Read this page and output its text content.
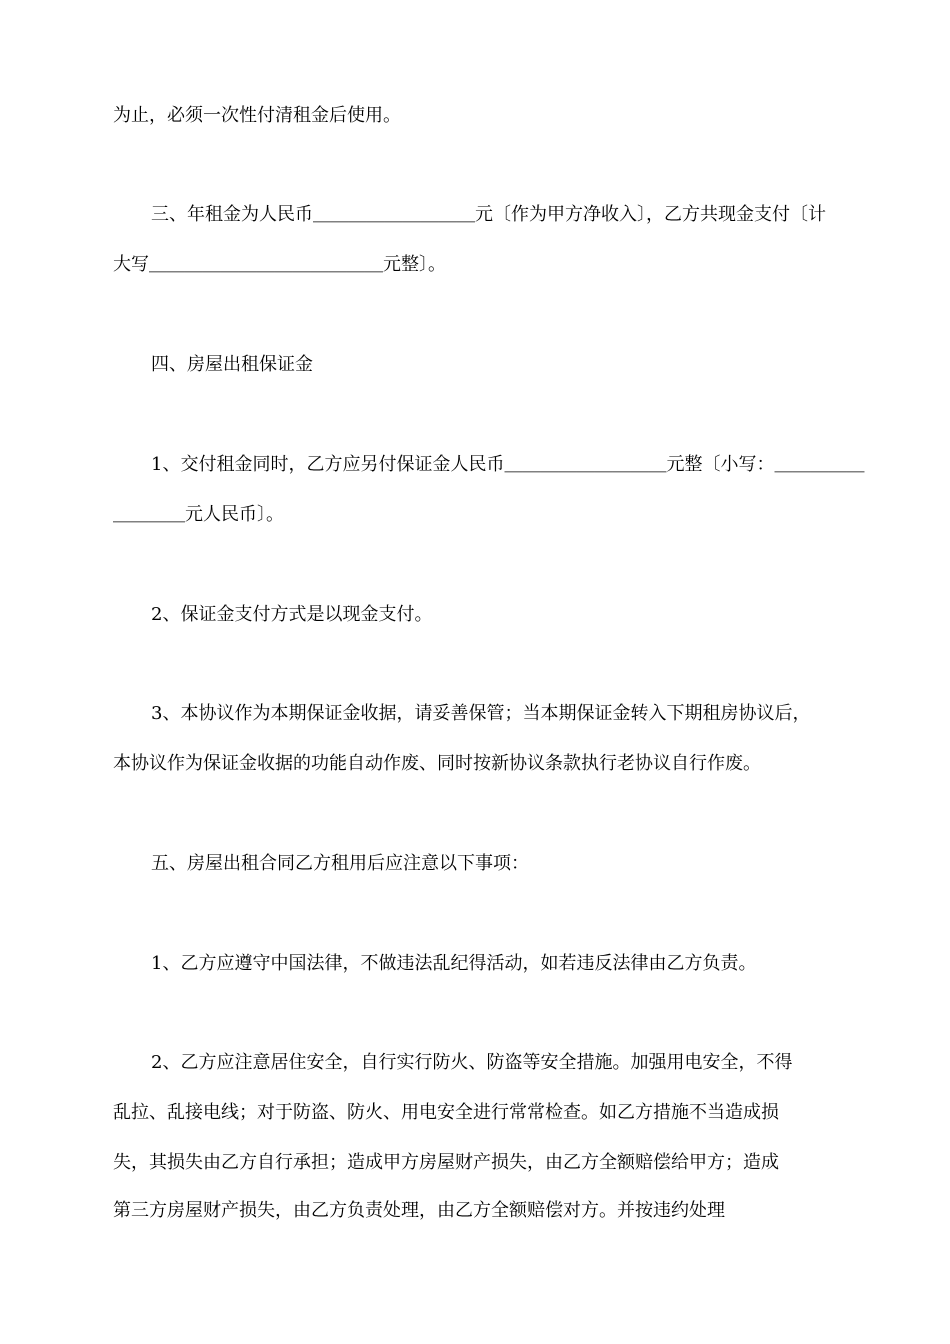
为止，必须一次性付清租金后使用。
三、年租金为人民币＿＿＿＿＿＿＿＿＿元〔作为甲方净收入〕，乙方共现金支付〔计
大写＿＿＿＿＿＿＿＿＿＿＿＿＿元整〕。
四、房屋出租保证金
1、交付租金同时，乙方应另付保证金人民币＿＿＿＿＿＿＿＿＿元整〔小写：＿＿＿＿＿
＿＿＿＿元人民币〕。
2、保证金支付方式是以现金支付。
3、本协议作为本期保证金收据，请妥善保管；当本期保证金转入下期租房协议后，
本协议作为保证金收据的功能自动作废、同时按新协议条款执行老协议自行作废。
五、房屋出租合同乙方租用后应注意以下事项：
1、乙方应遵守中国法律，不做违法乱纪得活动，如若违反法律由乙方负责。
2、乙方应注意居住安全，自行实行防火、防盗等安全措施。加强用电安全，不得
乱拉、乱接电线；对于防盗、防火、用电安全进行常常检查。如乙方措施不当造成损
失，其损失由乙方自行承担；造成甲方房屋财产损失，由乙方全额赔偿给甲方；造成
第三方房屋财产损失，由乙方负责处理，由乙方全额赔偿对方。并按违约处理
